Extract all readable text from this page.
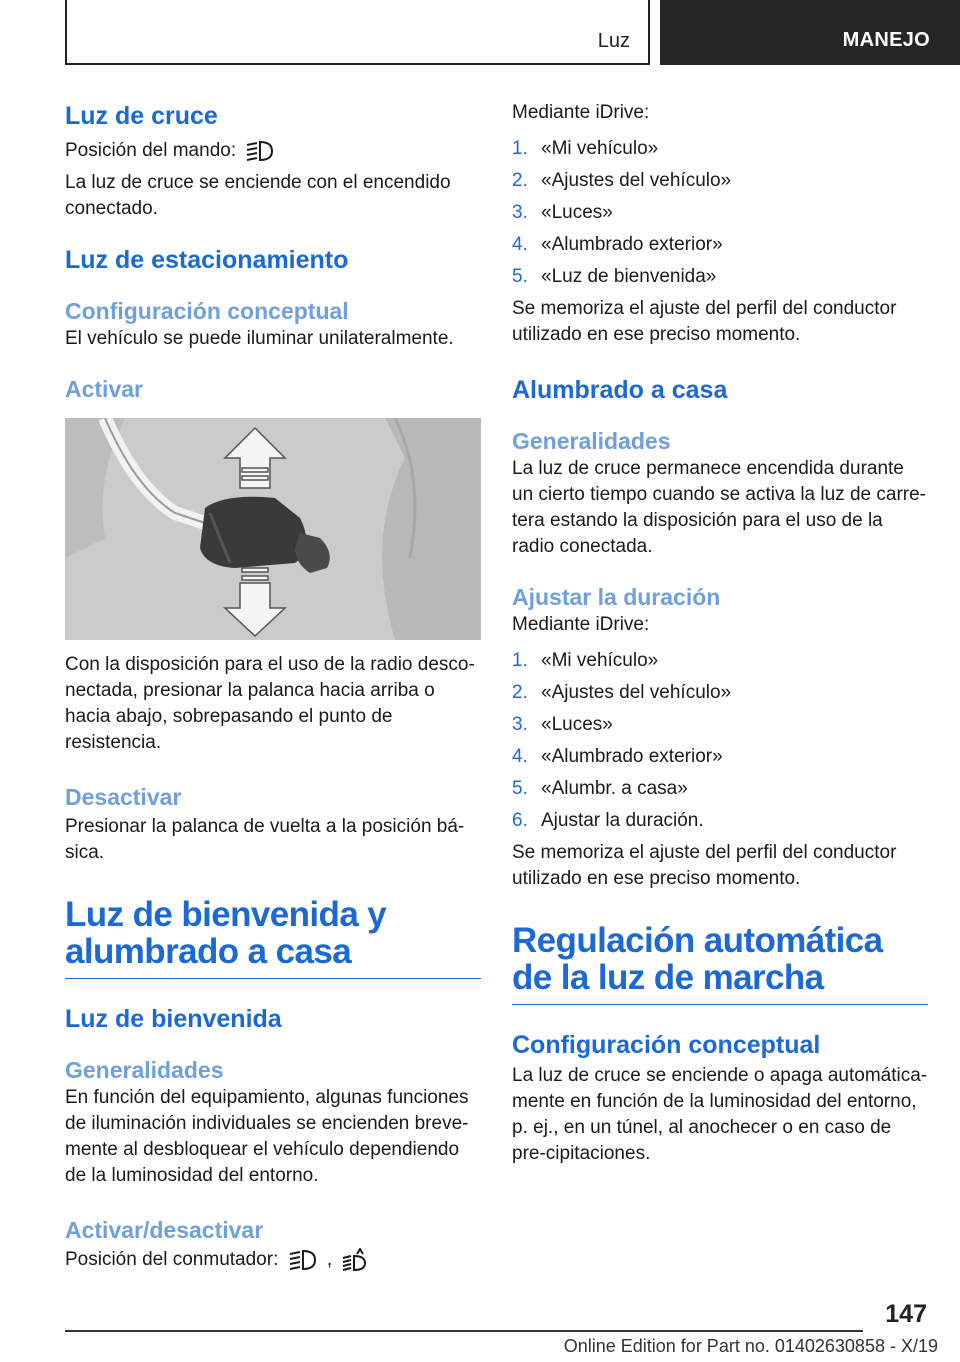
Luz	MANEJO
Luz de cruce

Posición del mando:

La luz de cruce se enciende con el encendido conectado.

Luz de estacionamiento
Configuración conceptual

El vehículo se puede iluminar unilateralmente.

Activar

Con la disposición para el uso de la radio desco-nectada, presionar la palanca hacia arriba o hacia abajo, sobrepasando el punto de resistencia.

Desactivar

Presionar la palanca de vuelta a la posición bá-sica.

Luz de bienvenida y alumbrado a casa
Luz de bienvenida
Generalidades

En función del equipamiento, algunas funciones de iluminación individuales se encienden breve-mente al desbloquear el vehículo dependiendo de la luminosidad del entorno.

Activar/desactivar

Posición del conmutador:	,

Mediante iDrive:

1. «Mi vehículo»
2. «Ajustes del vehículo»
3. «Luces»
4. «Alumbrado exterior»
5. «Luz de bienvenida»

Se memoriza el ajuste del perfil del conductor utilizado en ese preciso momento.

Alumbrado a casa
Generalidades

La luz de cruce permanece encendida durante un cierto tiempo cuando se activa la luz de carre-tera estando la disposición para el uso de la radio conectada.

Ajustar la duración

Mediante iDrive:

1. «Mi vehículo»
2. «Ajustes del vehículo»
3. «Luces»
4. «Alumbrado exterior»
5. «Alumbr. a casa»
6. Ajustar la duración.

Se memoriza el ajuste del perfil del conductor utilizado en ese preciso momento.

Regulación automática de la luz de marcha
Configuración conceptual

La luz de cruce se enciende o apaga automática-mente en función de la luminosidad del entorno, p. ej., en un túnel, al anochecer o en caso de pre-cipitaciones.

147
Online Edition for Part no. 01402630858 - X/19
